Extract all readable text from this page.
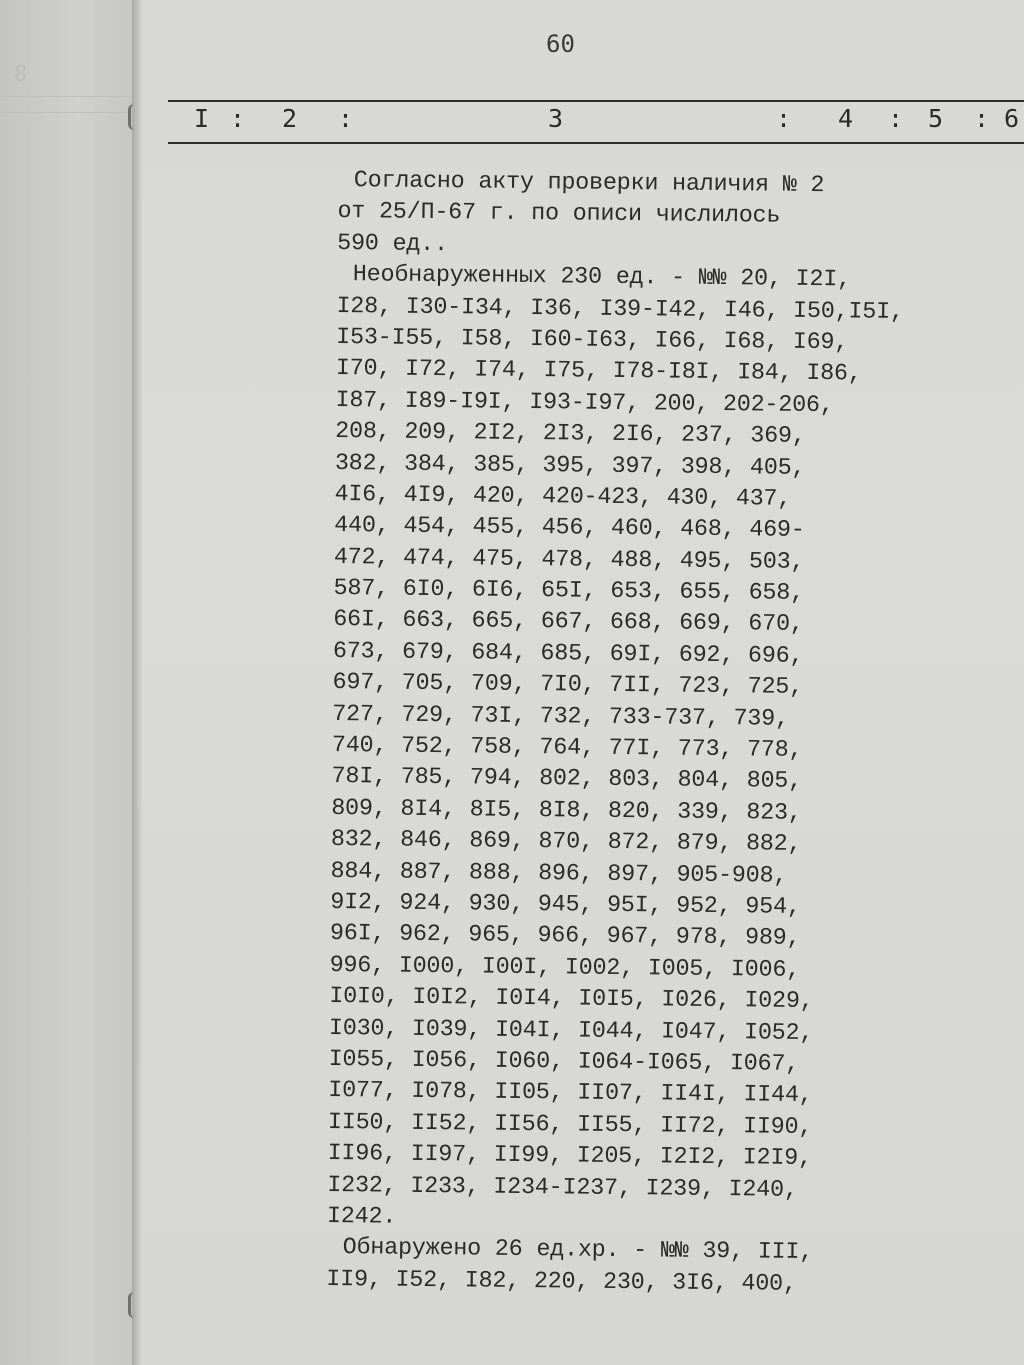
8
60
I : 2 :	3	: 4 : 5 : 6
Согласно акту проверки наличия № 2
от 25/П-67 г. по описи числилось
590 ед..
Необнаруженных 230 ед. - №№ 20, I2I,
I28, I30-I34, I36, I39-I42, I46, I50,I5I,
I53-I55, I58, I60-I63, I66, I68, I69,
I70, I72, I74, I75, I78-I8I, I84, I86,
I87, I89-I9I, I93-I97, 200, 202-206,
208, 209, 2I2, 2I3, 2I6, 237, 369,
382, 384, 385, 395, 397, 398, 405,
4I6, 4I9, 420, 420-423, 430, 437,
440, 454, 455, 456, 460, 468, 469-
472, 474, 475, 478, 488, 495, 503,
587, 6I0, 6I6, 65I, 653, 655, 658,
66I, 663, 665, 667, 668, 669, 670,
673, 679, 684, 685, 69I, 692, 696,
697, 705, 709, 7I0, 7II, 723, 725,
727, 729, 73I, 732, 733-737, 739,
740, 752, 758, 764, 77I, 773, 778,
78I, 785, 794, 802, 803, 804, 805,
809, 8I4, 8I5, 8I8, 820, 339, 823,
832, 846, 869, 870, 872, 879, 882,
884, 887, 888, 896, 897, 905-908,
9I2, 924, 930, 945, 95I, 952, 954,
96I, 962, 965, 966, 967, 978, 989,
996, I000, I00I, I002, I005, I006,
I0I0, I0I2, I0I4, I0I5, I026, I029,
I030, I039, I04I, I044, I047, I052,
I055, I056, I060, I064-I065, I067,
I077, I078, II05, II07, II4I, II44,
II50, II52, II56, II55, II72, II90,
II96, II97, II99, I205, I2I2, I2I9,
I232, I233, I234-I237, I239, I240,
I242.
Обнаружено 26 ед.хр. - №№ 39, III,
II9, I52, I82, 220, 230, 3I6, 400,
